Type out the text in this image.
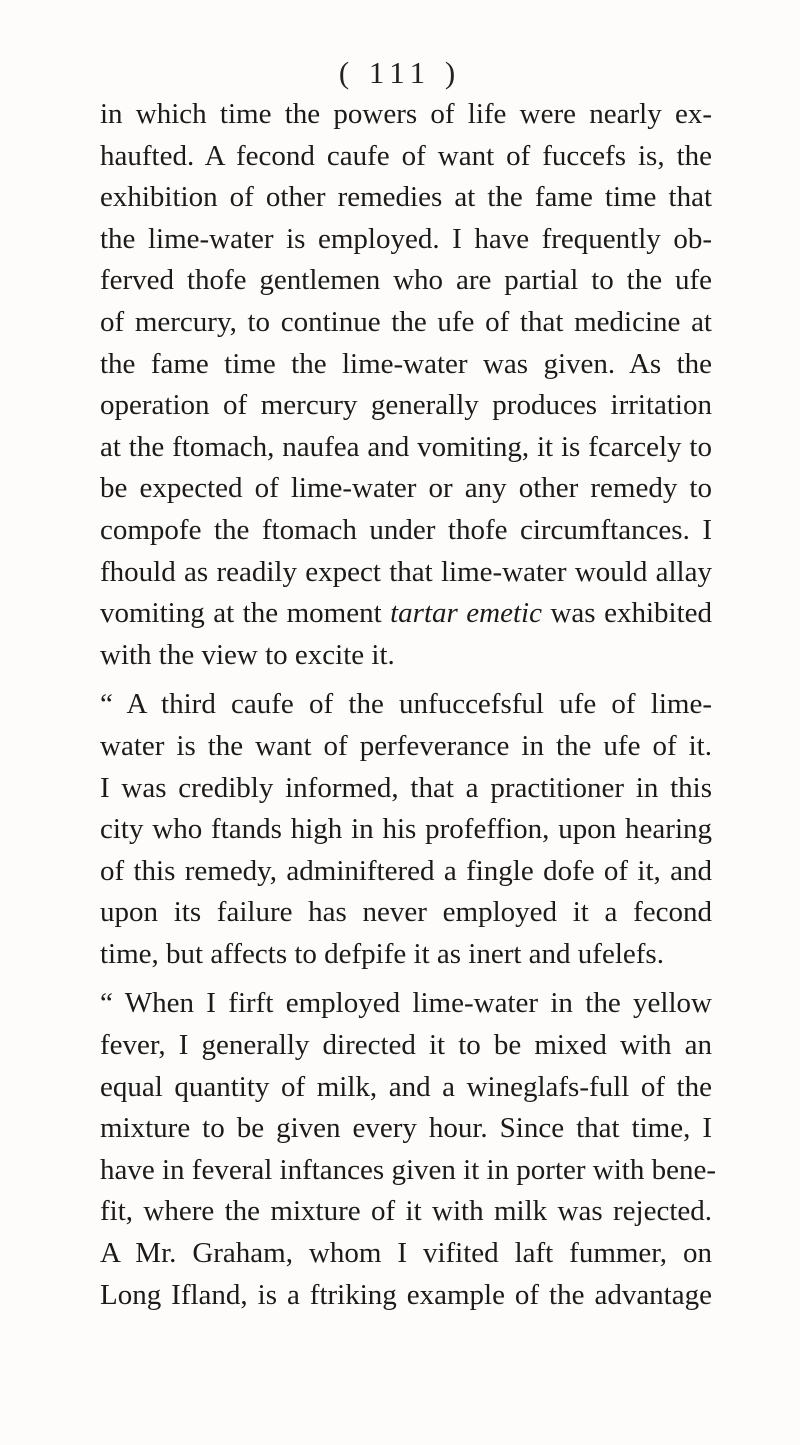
( 111 )
in which time the powers of life were nearly ex-
haufted. A fecond caufe of want of fuccefs is, the
exhibition of other remedies at the fame time that
the lime-water is employed. I have frequently ob-
ferved thofe gentlemen who are partial to the ufe
of mercury, to continue the ufe of that medicine at
the fame time the lime-water was given. As the
operation of mercury generally produces irritation
at the ftomach, naufea and vomiting, it is fcarcely to
be expected of lime-water or any other remedy to
compofe the ftomach under thofe circumftances. I
fhould as readily expect that lime-water would allay
vomiting at the moment tartar emetic was exhibited
with the view to excite it.
“ A third caufe of the unfuccefsful ufe of lime-
water is the want of perfeverance in the ufe of it.
I was credibly informed, that a practitioner in this
city who ftands high in his profeffion, upon hearing
of this remedy, adminiftered a fingle dofe of it, and
upon its failure has never employed it a fecond
time, but affects to defpife it as inert and ufelefs.
“ When I firft employed lime-water in the yellow
fever, I generally directed it to be mixed with an
equal quantity of milk, and a wineglafs-full of the
mixture to be given every hour. Since that time, I
have in feveral inftances given it in porter with bene-
fit, where the mixture of it with milk was rejected.
A Mr. Graham, whom I vifited laft fummer, on
Long Ifland, is a ftriking example of the advantage
